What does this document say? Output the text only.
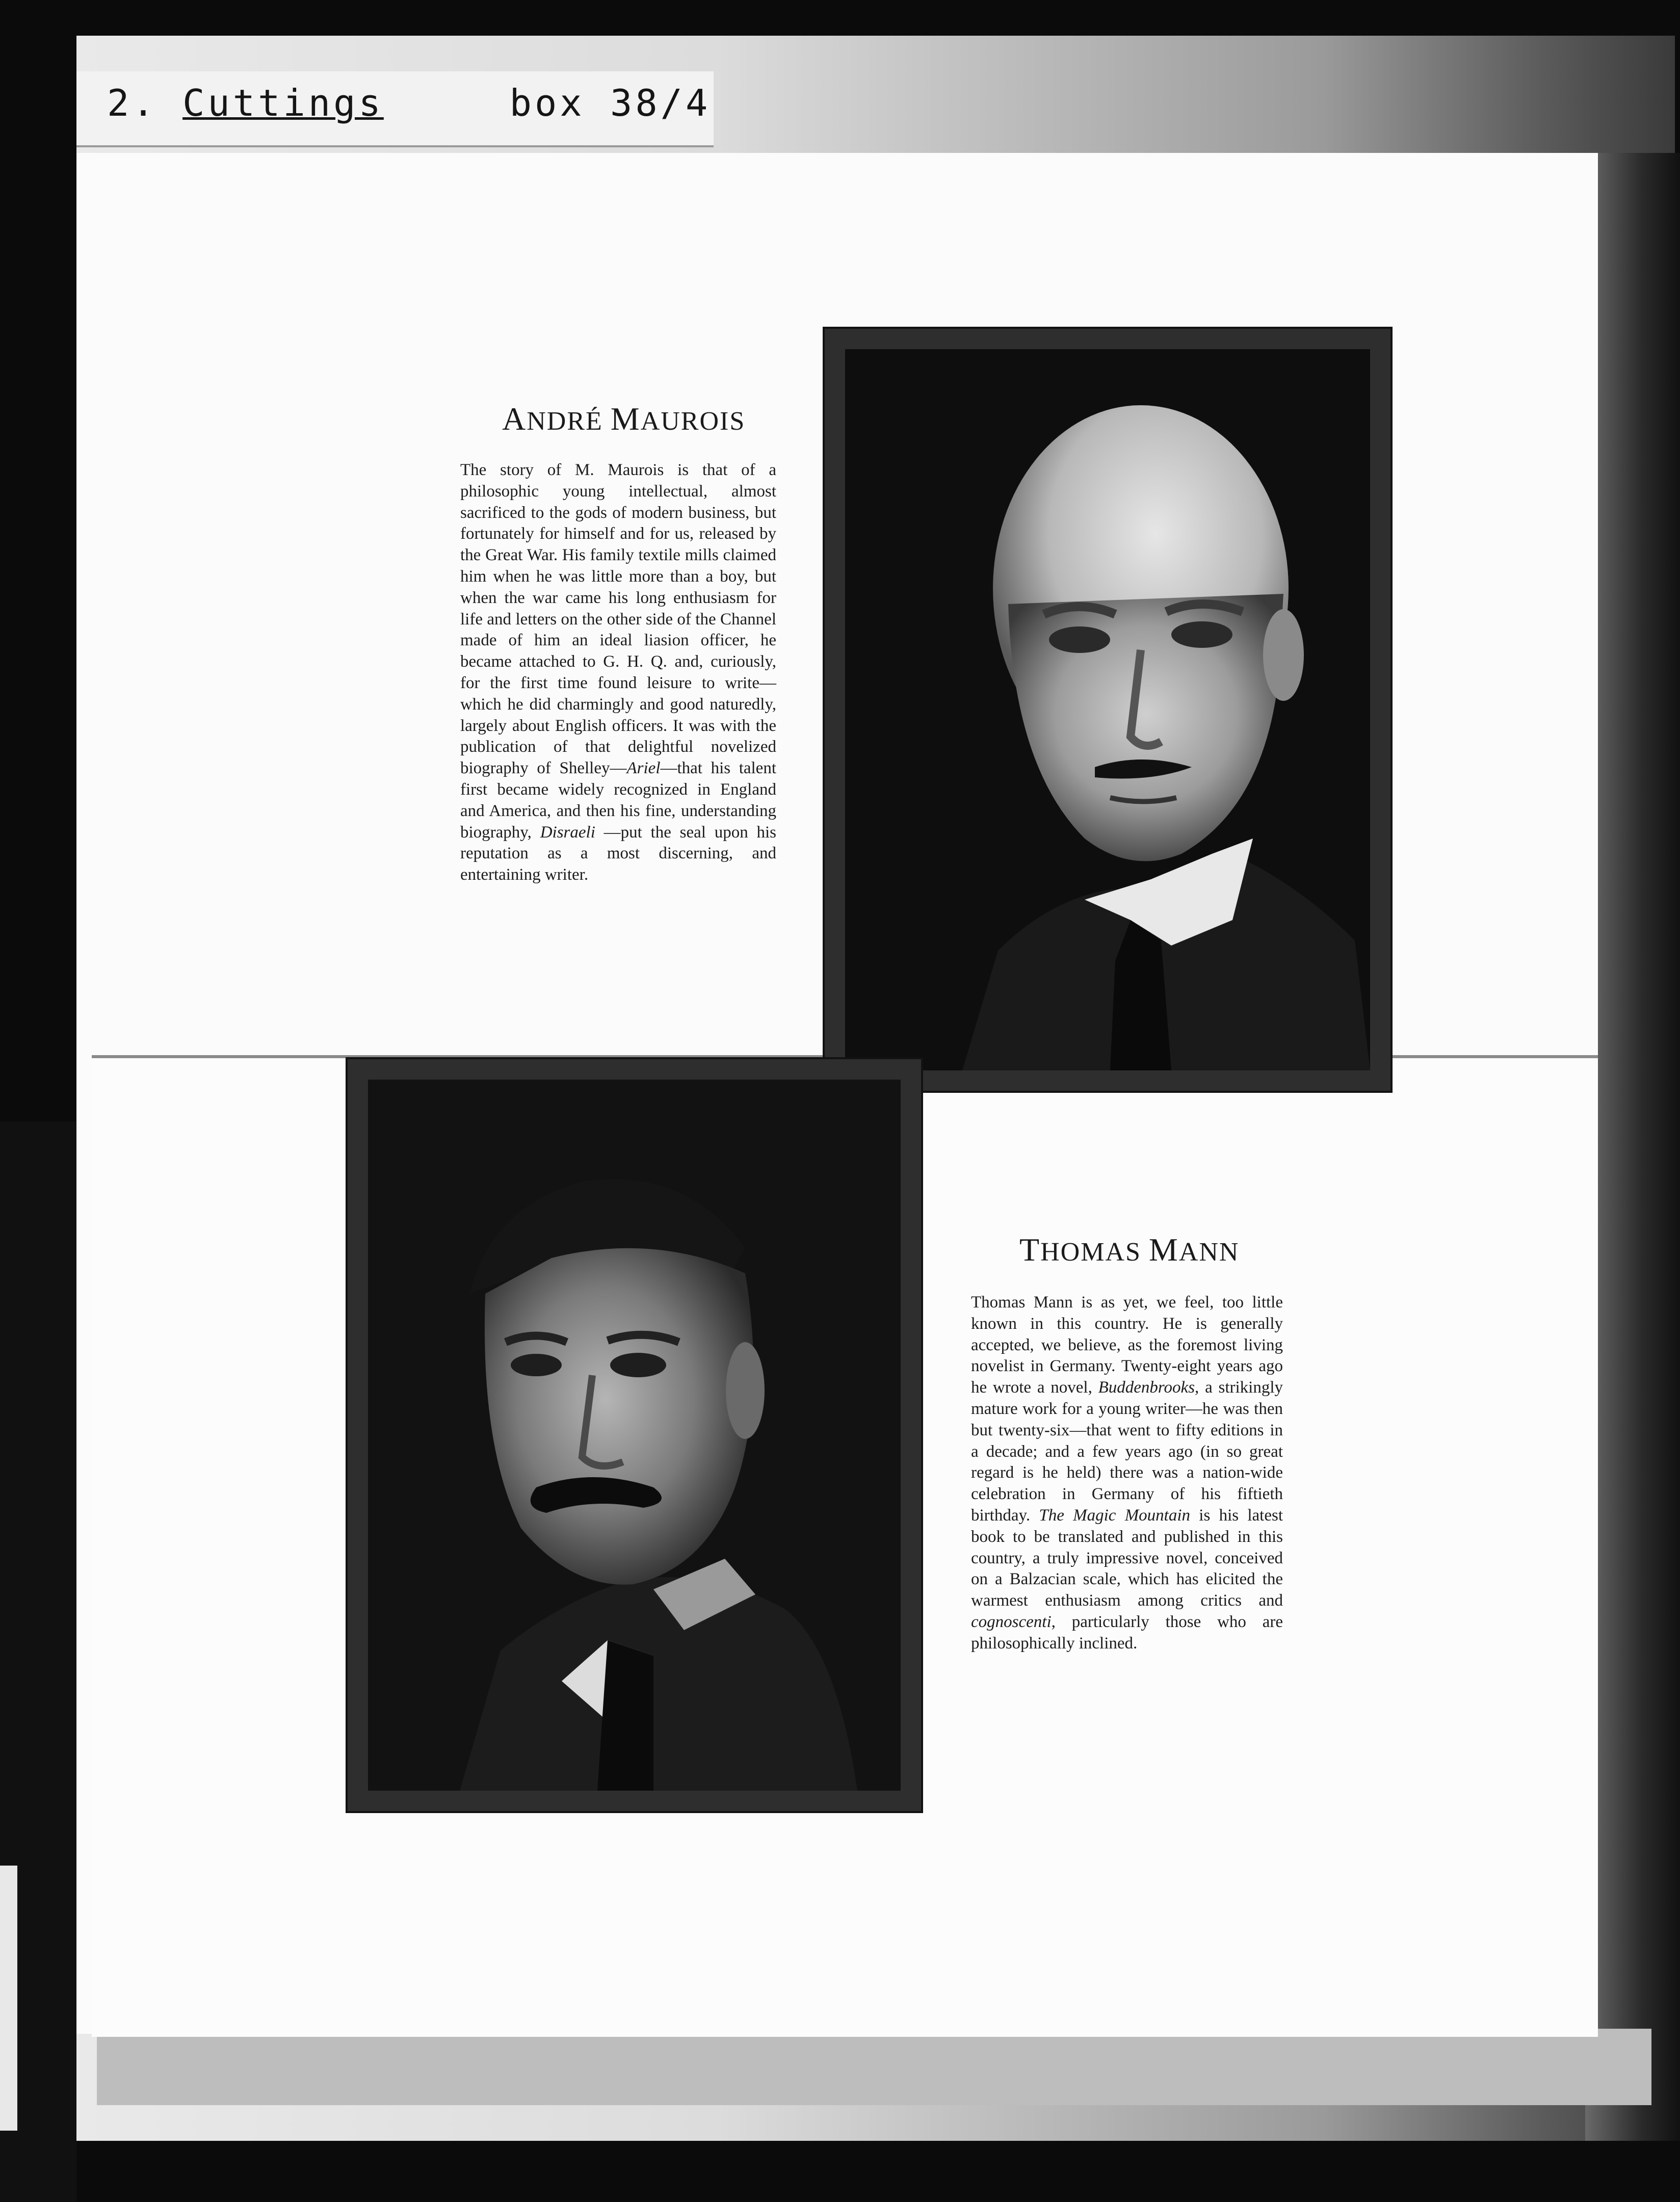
2. Cuttings	box 38/4
ANDRÉ MAUROIS
The story of M. Maurois is that of a philosophic young intellectual, almost sacrificed to the gods of modern business, but fortunately for himself and for us, released by the Great War. His family textile mills claimed him when he was little more than a boy, but when the war came his long enthusiasm for life and letters on the other side of the Channel made of him an ideal liasion officer, he became attached to G. H. Q. and, curiously, for the first time found leisure to write—which he did charmingly and good naturedly, largely about English officers. It was with the publication of that delightful novelized biography of Shelley—Ariel—that his talent first became widely recognized in England and America, and then his fine, understanding biography, Disraeli —put the seal upon his reputation as a most discerning, and entertaining writer.
THOMAS MANN
Thomas Mann is as yet, we feel, too little known in this country. He is generally accepted, we believe, as the foremost living novelist in Germany. Twenty-eight years ago he wrote a novel, Buddenbrooks, a strikingly mature work for a young writer—he was then but twenty-six—that went to fifty editions in a decade; and a few years ago (in so great regard is he held) there was a nation-wide celebration in Germany of his fiftieth birthday. The Magic Mountain is his latest book to be translated and published in this country, a truly impressive novel, conceived on a Balzacian scale, which has elicited the warmest enthusiasm among critics and cognoscenti, particularly those who are philosophically inclined.
